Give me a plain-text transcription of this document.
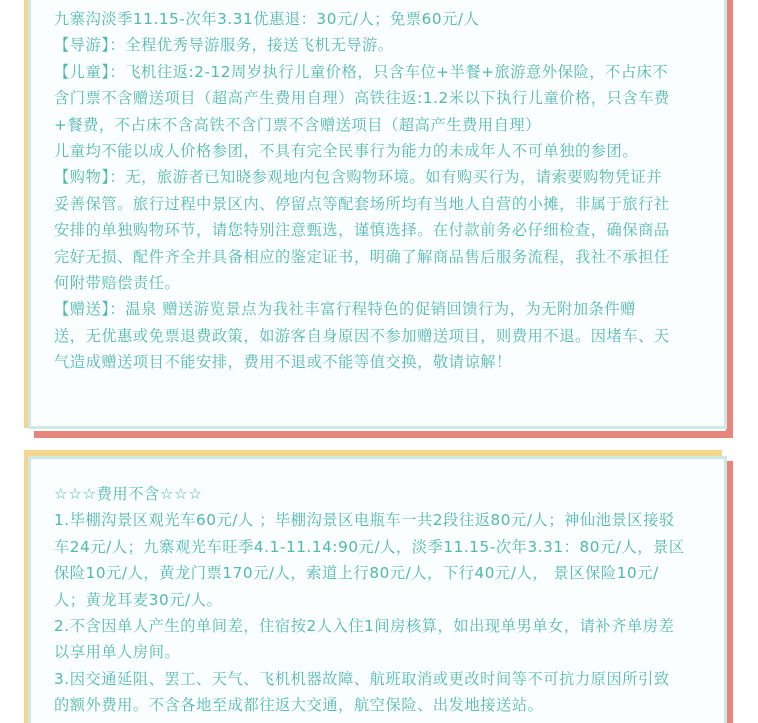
九寨沟淡季11.15-次年3.31优惠退：30元/人；免票60元/人

【导游】：全程优秀导游服务，接送飞机无导游。

【儿童】：飞机往返:2-12周岁执行儿童价格，只含车位+半餐+旅游意外保险，不占床不

含门票不含赠送项目（超高产生费用自理）高铁往返:1.2米以下执行儿童价格，只含车费

+餐费，不占床不含高铁不含门票不含赠送项目（超高产生费用自理）

儿童均不能以成人价格参团，不具有完全民事行为能力的未成年人不可单独的参团。

【购物】：无，旅游者已知晓参观地内包含购物环境。如有购买行为，请索要购物凭证并

妥善保管。旅行过程中景区内、停留点等配套场所均有当地人自营的小摊，非属于旅行社

安排的单独购物环节，请您特别注意甄选，谨慎选择。在付款前务必仔细检查，确保商品

完好无损、配件齐全并具备相应的鉴定证书，明确了解商品售后服务流程，我社不承担任

何附带赔偿责任。

【赠送】：温泉 赠送游览景点为我社丰富行程特色的促销回馈行为，为无附加条件赠

送，无优惠或免票退费政策，如游客自身原因不参加赠送项目，则费用不退。因堵车、天

气造成赠送项目不能安排，费用不退或不能等值交换，敬请谅解！

☆☆☆费用不含☆☆☆

1.毕棚沟景区观光车60元/人 ；毕棚沟景区电瓶车一共2段往返80元/人；神仙池景区接驳

车24元/人；九寨观光车旺季4.1-11.14:90元/人，淡季11.15-次年3.31：80元/人，景区

保险10元/人，黄龙门票170元/人，索道上行80元/人，下行40元/人， 景区保险10元/

人；黄龙耳麦30元/人。

2.不含因单人产生的单间差，住宿按2人入住1间房核算，如出现单男单女，请补齐单房差

以享用单人房间。

3.因交通延阻、罢工、天气、飞机机器故障、航班取消或更改时间等不可抗力原因所引致

的额外费用。不含各地至成都往返大交通，航空保险、出发地接送站。
